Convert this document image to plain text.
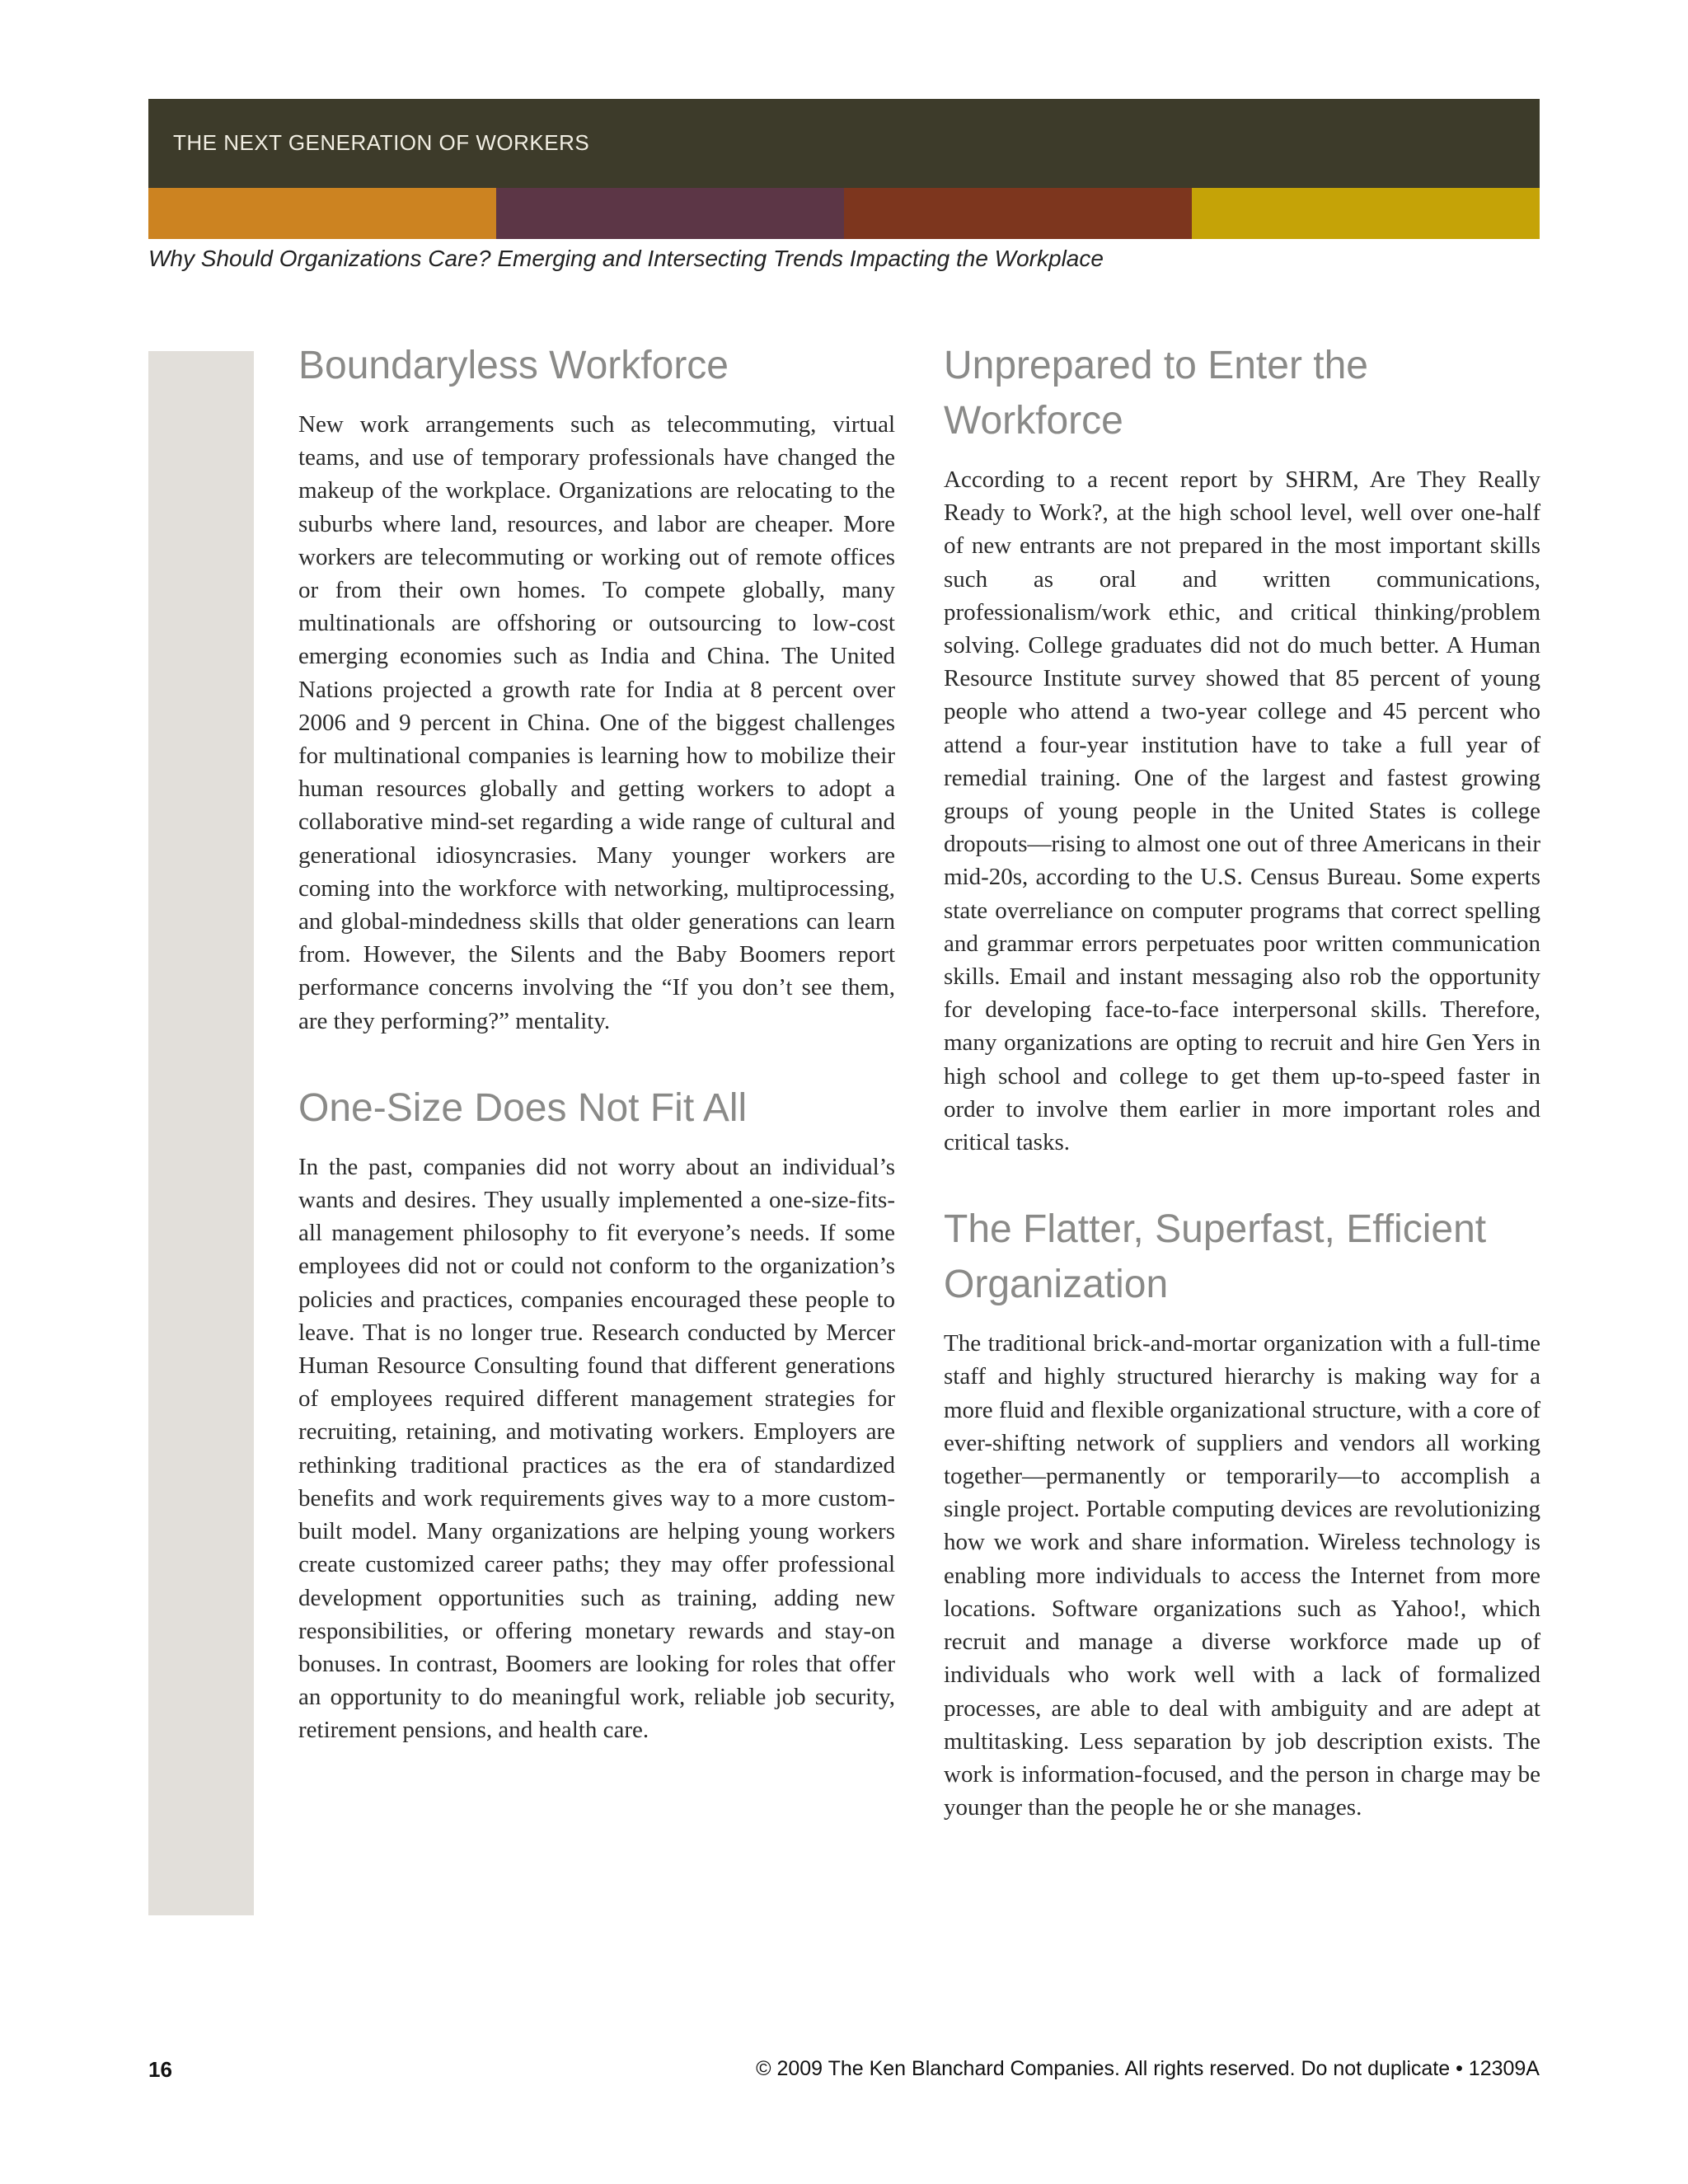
THE NEXT GENERATION OF WORKERS
Why Should Organizations Care? Emerging and Intersecting Trends Impacting the Workplace
Boundaryless Workforce

New work arrangements such as telecommuting, virtual teams, and use of temporary professionals have changed the makeup of the workplace. Organizations are relocating to the suburbs where land, resources, and labor are cheaper. More workers are telecommuting or working out of remote offices or from their own homes. To compete globally, many multinationals are offshoring or outsourcing to low-cost emerging economies such as India and China. The United Nations projected a growth rate for India at 8 percent over 2006 and 9 percent in China. One of the biggest challenges for multinational companies is learning how to mobilize their human resources globally and getting workers to adopt a collaborative mind-set regarding a wide range of cultural and generational idiosyncrasies. Many younger workers are coming into the workforce with networking, multiprocessing, and global-mindedness skills that older generations can learn from. However, the Silents and the Baby Boomers report performance concerns involving the “If you don’t see them, are they performing?” mentality.

One-Size Does Not Fit All

In the past, companies did not worry about an individual’s wants and desires. They usually implemented a one-size-fits-all management philosophy to fit everyone’s needs. If some employees did not or could not conform to the organization’s policies and practices, companies encouraged these people to leave. That is no longer true. Research conducted by Mercer Human Resource Consulting found that different generations of employees required different management strategies for recruiting, retaining, and motivating workers. Employers are rethinking traditional practices as the era of standardized benefits and work requirements gives way to a more custom-built model. Many organizations are helping young workers create customized career paths; they may offer professional development opportunities such as training, adding new responsibilities, or offering monetary rewards and stay-on bonuses. In contrast, Boomers are looking for roles that offer an opportunity to do meaningful work, reliable job security, retirement pensions, and health care.

Unprepared to Enter the Workforce

According to a recent report by SHRM, Are They Really Ready to Work?, at the high school level, well over one-half of new entrants are not prepared in the most important skills such as oral and written communications, professionalism/work ethic, and critical thinking/problem solving. College graduates did not do much better. A Human Resource Institute survey showed that 85 percent of young people who attend a two-year college and 45 percent who attend a four-year institution have to take a full year of remedial training. One of the largest and fastest growing groups of young people in the United States is college dropouts—rising to almost one out of three Americans in their mid-20s, according to the U.S. Census Bureau. Some experts state overreliance on computer programs that correct spelling and grammar errors perpetuates poor written communication skills. Email and instant messaging also rob the opportunity for developing face-to-face interpersonal skills. Therefore, many organizations are opting to recruit and hire Gen Yers in high school and college to get them up-to-speed faster in order to involve them earlier in more important roles and critical tasks.

The Flatter, Superfast, Efficient Organization

The traditional brick-and-mortar organization with a full-time staff and highly structured hierarchy is making way for a more fluid and flexible organizational structure, with a core of ever-shifting network of suppliers and vendors all working together—permanently or temporarily—to accomplish a single project. Portable computing devices are revolutionizing how we work and share information. Wireless technology is enabling more individuals to access the Internet from more locations. Software organizations such as Yahoo!, which recruit and manage a diverse workforce made up of individuals who work well with a lack of formalized processes, are able to deal with ambiguity and are adept at multitasking. Less separation by job description exists. The work is information-focused, and the person in charge may be younger than the people he or she manages.

16	© 2009 The Ken Blanchard Companies. All rights reserved. Do not duplicate • 12309A
